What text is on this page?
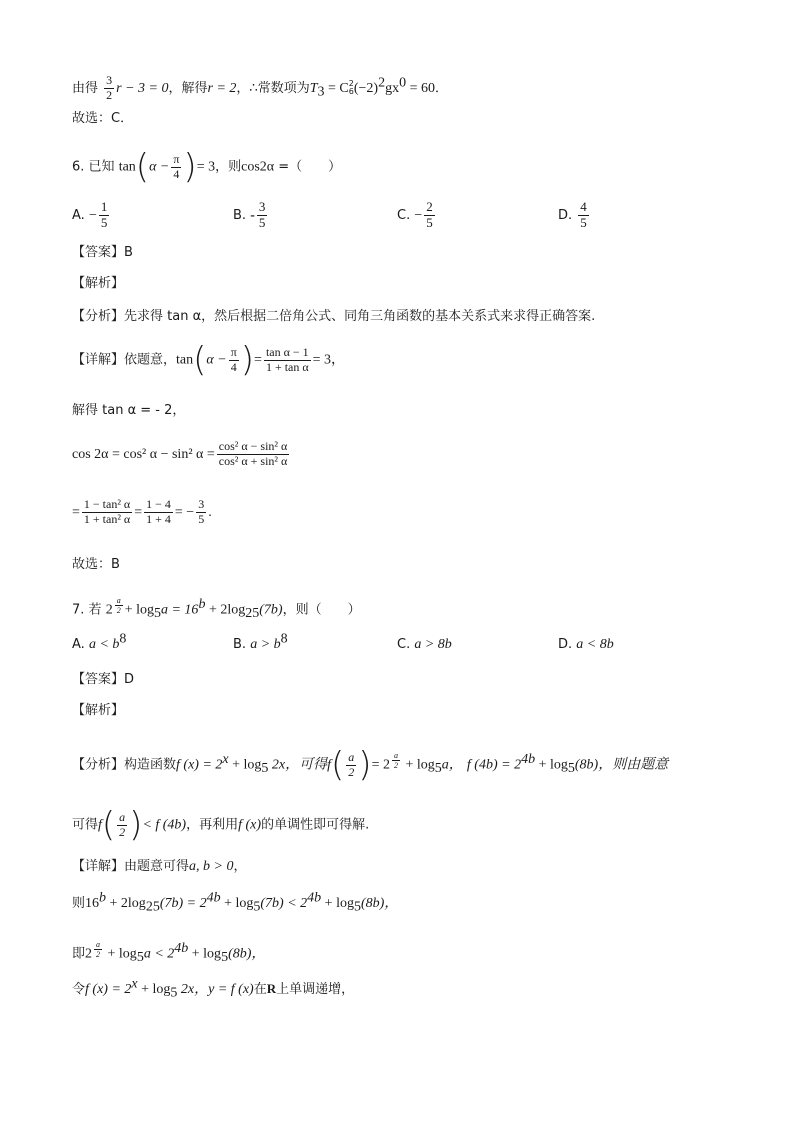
由得 $\frac{3}{2}$ r − 3 = 0，解得r = 2，∴常数项为$T_3 = C$ 2
6 $(-2)^2gx^0 = 60$．
故选：C．
6. 已知 $\tan(\alpha - \frac{\pi}{4}$ )= 3，则cos2α =（　　）
A. − $\frac{1}{5}$	B. - $\frac{3}{5}$	C. − $\frac{2}{5}$	D. $\frac{4}{5}$
【答案】B
【解析】
【分析】先求得 tan α，然后根据二倍角公式、同角三角函数的基本关系式来求得正确答案.
【详解】依题意，$\tan(\alpha - \frac{\pi}{4}$ )= $\frac{\text{tan α − 1}}{\text{1 + tan α}} = 3$，
解得 tan α = - 2，
cos 2α = cos² α − sin² $\alpha = \frac{\text{cos² α − sin² α}}{\text{cos² α + sin² α}}$
= $\frac{\text{1 − tan² α}}{\text{1 + tan² α}} = \frac{1 - 4}{1 + 4}$ = − $\frac{3}{5}$ .
故选：B
7. 若 2 $^{\frac{a}{2}} + \log_5a = 16^b + 2\log_{25}(7b)$，则（　　）
A. $a < b^8$	B. $a > b^8$	C. a > 8b	D. a < 8b
【答案】D
【解析】
【分析】构造函数f $(x) = 2^x + \log_5 2x$，可得$f( \frac{a}{2}$ )= 2 $^{\frac{a}{2}} + \log_5a$， f $(4b) = 2^{4b} + \log_5(8b)$，则由题意
可得$f( \frac{a}{2}$ )< f (4b)，再利用f (x)的单调性即可得解.
【详解】由题意可得a, b > 0，
则$16^b + 2\log_{25}(7b) = 2^{4b} + \log_5(7b) < 2^{4b} + \log_5(8b)$，
即2 $^{\frac{a}{2}} + \log_5a < 2^{4b} + \log_5(8b)$，
令f $(x) = 2^x + \log_5 2x$，y = f (x)在R上单调递增，
